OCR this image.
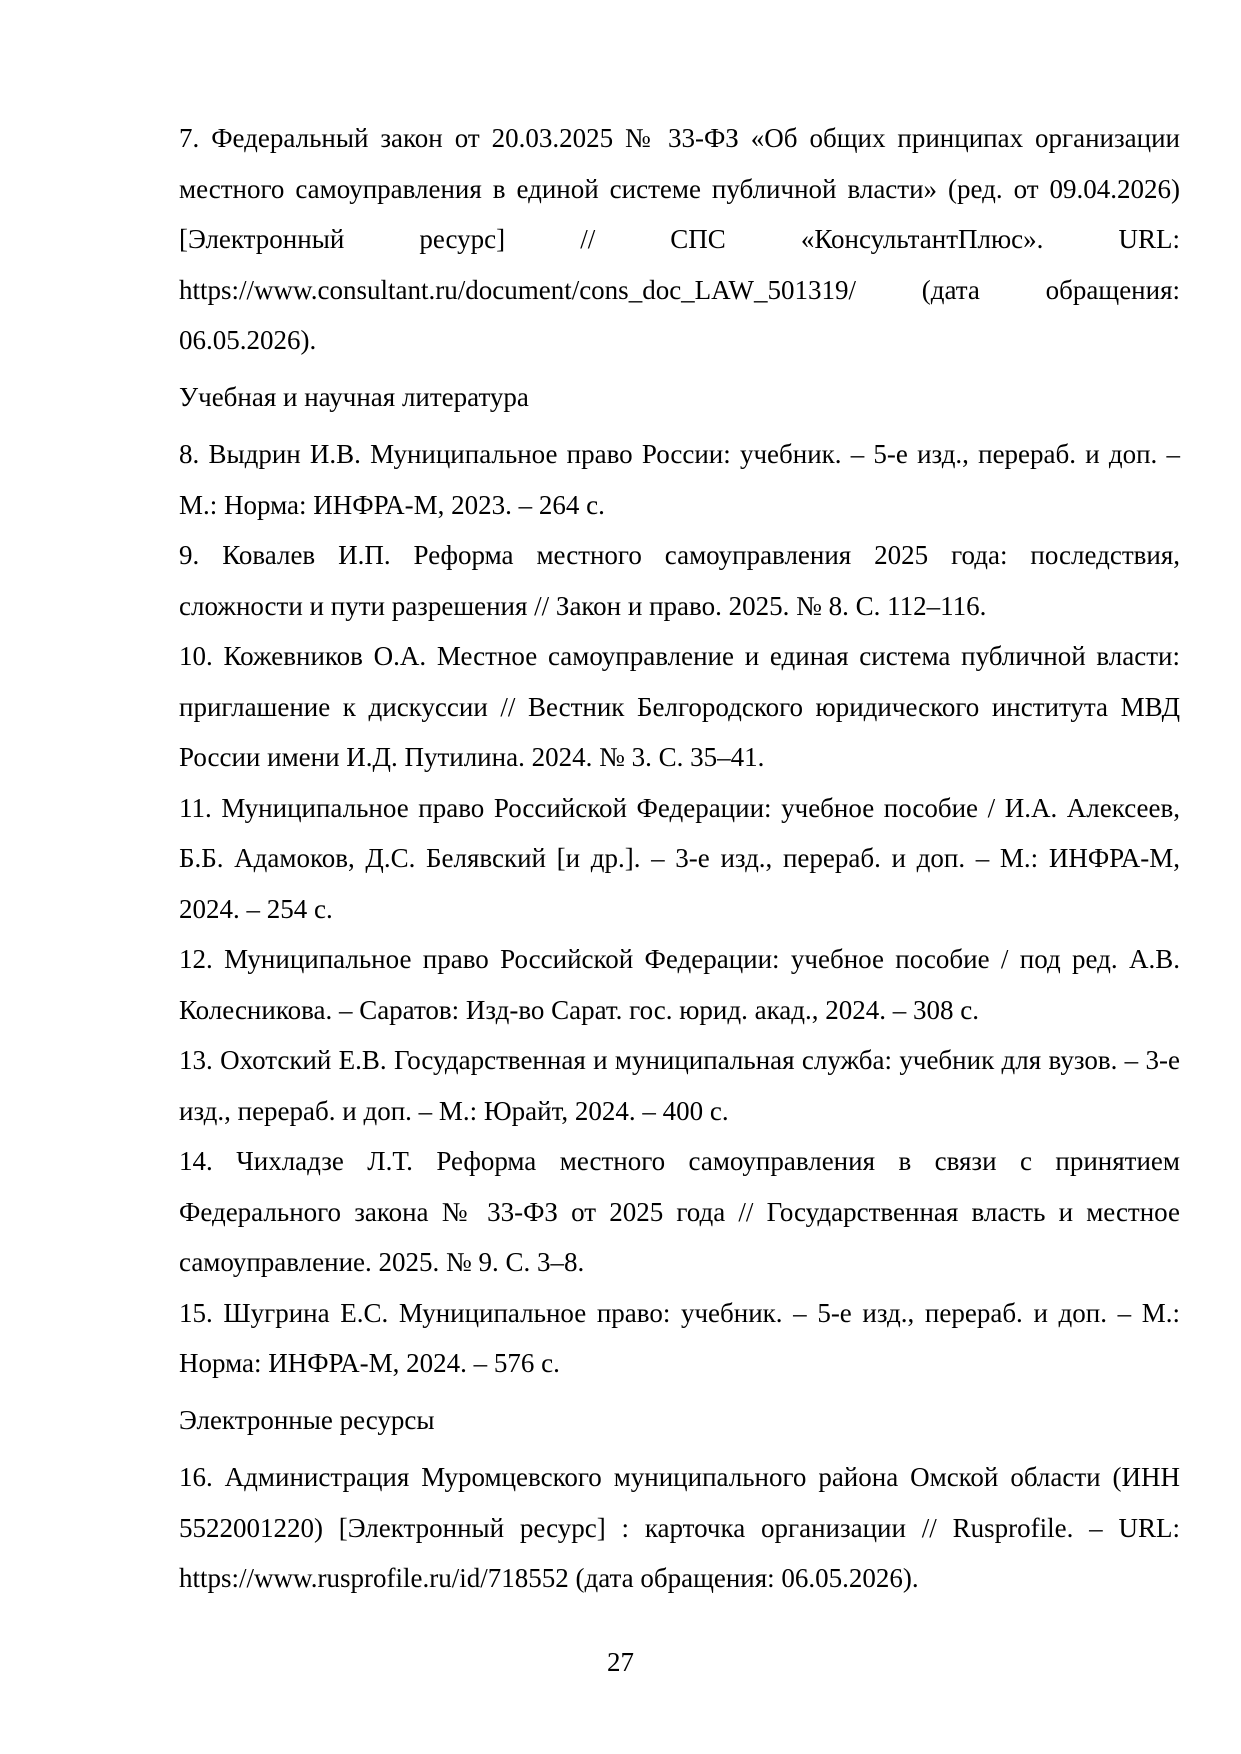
7. Федеральный закон от 20.03.2025 № 33-ФЗ «Об общих принципах организации местного самоуправления в единой системе публичной власти» (ред. от 09.04.2026) [Электронный ресурс] // СПС «КонсультантПлюс». URL: https://www.consultant.ru/document/cons_doc_LAW_501319/ (дата обращения: 06.05.2026).

Учебная и научная литература

8. Выдрин И.В. Муниципальное право России: учебник. – 5-е изд., перераб. и доп. – М.: Норма: ИНФРА-М, 2023. – 264 с.

9. Ковалев И.П. Реформа местного самоуправления 2025 года: последствия, сложности и пути разрешения // Закон и право. 2025. № 8. С. 112–116.

10. Кожевников О.А. Местное самоуправление и единая система публичной власти: приглашение к дискуссии // Вестник Белгородского юридического института МВД России имени И.Д. Путилина. 2024. № 3. С. 35–41.

11. Муниципальное право Российской Федерации: учебное пособие / И.А. Алексеев, Б.Б. Адамоков, Д.С. Белявский [и др.]. – 3-е изд., перераб. и доп. – М.: ИНФРА-М, 2024. – 254 с.

12. Муниципальное право Российской Федерации: учебное пособие / под ред. А.В. Колесникова. – Саратов: Изд-во Сарат. гос. юрид. акад., 2024. – 308 с.

13. Охотский Е.В. Государственная и муниципальная служба: учебник для вузов. – 3-е изд., перераб. и доп. – М.: Юрайт, 2024. – 400 с.

14. Чихладзе Л.Т. Реформа местного самоуправления в связи с принятием Федерального закона № 33-ФЗ от 2025 года // Государственная власть и местное самоуправление. 2025. № 9. С. 3–8.

15. Шугрина Е.С. Муниципальное право: учебник. – 5-е изд., перераб. и доп. – М.: Норма: ИНФРА-М, 2024. – 576 с.

Электронные ресурсы

16. Администрация Муромцевского муниципального района Омской области (ИНН 5522001220) [Электронный ресурс] : карточка организации // Rusprofile. – URL: https://www.rusprofile.ru/id/718552 (дата обращения: 06.05.2026).

27
